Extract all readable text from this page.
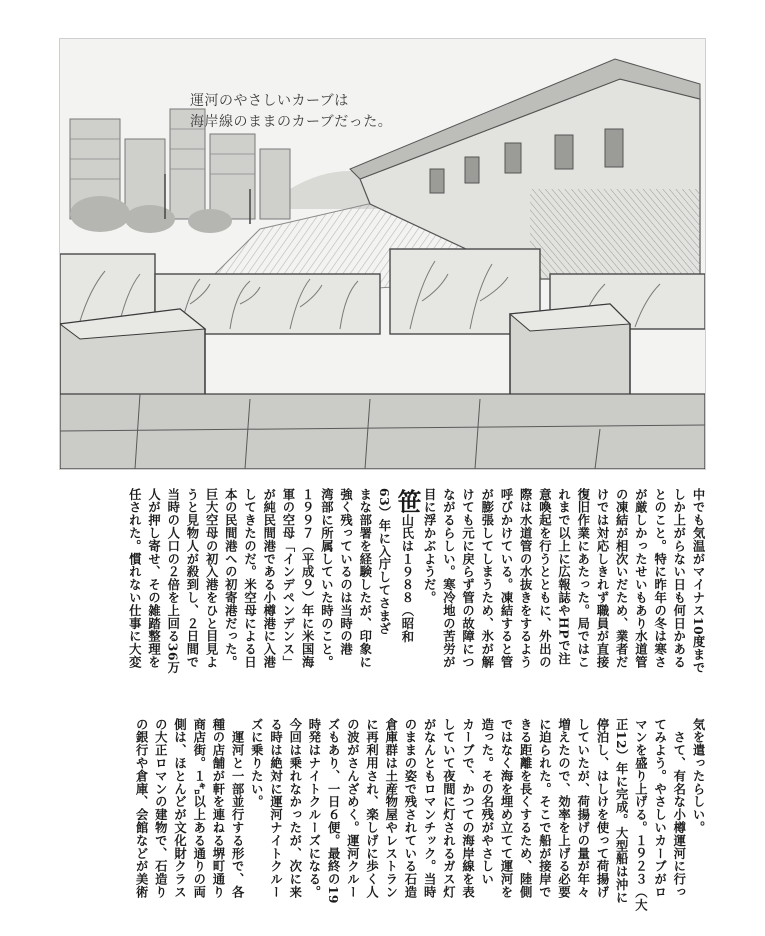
運河のやさしいカーブは
海岸線のままのカーブだった。
中でも気温がマイナス10度まで
しか上がらない日も何日かある
とのこと。特に昨年の冬は寒さ
が厳しかったせいもあり水道管
の凍結が相次いだため、業者だ
けでは対応しきれず職員が直接
復旧作業にあたった。局ではこ
れまで以上に広報誌やHPで注
意喚起を行うとともに、外出の
際は水道管の水抜きをするよう
呼びかけている。凍結すると管
が膨張してしまうため、氷が解
けても元に戻らず管の故障につ
ながるらしい。寒冷地の苦労が
目に浮かぶようだ。
笹山氏は１９８８（昭和
63）年に入庁してさまざ
まな部署を経験したが、印象に
強く残っているのは当時の港
湾部に所属していた時のこと。
１９９７（平成９）年に米国海
軍の空母「インデペンデンス」
が純民間港である小樽港に入港
してきたのだ。米空母による日
本の民間港への初寄港だった。
巨大空母の初入港をひと目見よ
うと見物人が殺到し、２日間で
当時の人口の２倍を上回る36万
人が押し寄せ、その雑踏整理を
任された。慣れない仕事に大変
気を遣ったらしい。
　さて、有名な小樽運河に行っ
てみよう。やさしいカーブがロ
マンを盛り上げる。１９２３（大
正12）年に完成。大型船は沖に
停泊し、はしけを使って荷揚げ
していたが、荷揚げの量が年々
増えたので、効率を上げる必要
に迫られた。そこで船が接岸で
きる距離を長くするため、陸側
ではなく海を埋め立てて運河を
造った。その名残がやさしい
カーブで、かつての海岸線を表
していて夜間に灯されるガス灯
がなんともロマンチック。当時
のままの姿で残されている石造
倉庫群は土産物屋やレストラン
に再利用され、楽しげに歩く人
の波がさんざめく。運河クルー
ズもあり、一日６便。最終の19
時発はナイトクルーズになる。
今回は乗れなかったが、次に来
る時は絶対に運河ナイトクルー
ズに乗りたい。
　運河と一部並行する形で、各
種の店舗が軒を連ねる堺町通り
商店街。１㌔以上ある通りの両
側は、ほとんどが文化財クラス
の大正ロマンの建物で、石造り
の銀行や倉庫、会館などが美術
